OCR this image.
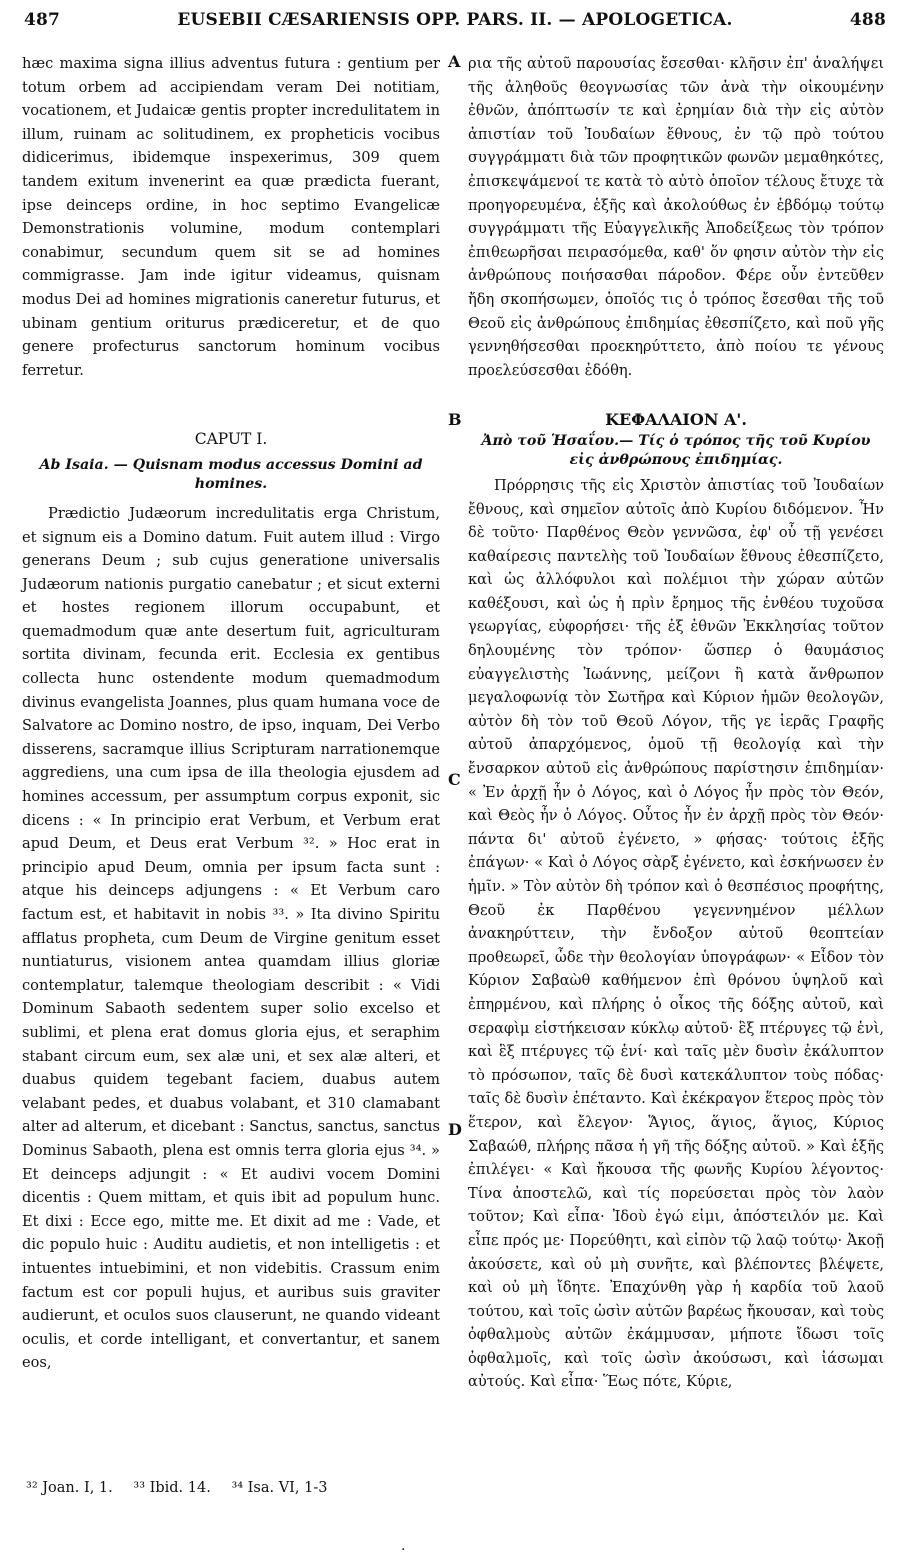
487	EUSEBII CÆSARIENSIS OPP. PARS. II. — APOLOGETICA.	488

hæc maxima signa illius adventus futura : gentium per totum orbem ad accipiendam veram Dei notitiam, vocationem, et Judaicæ gentis propter incredulitatem in illum, ruinam ac solitudinem, ex propheticis vocibus didicerimus, ibidemque inspexerimus, 309 quem tandem exitum invenerint ea quæ prædicta fuerant, ipse deinceps ordine, in hoc septimo Evangelicæ Demonstrationis volumine, modum contemplari conabimur, secundum quem sit se ad homines commigrasse. Jam inde igitur videamus, quisnam modus Dei ad homines migrationis caneretur futurus, et ubinam gentium oriturus prædiceretur, et de quo genere profecturus sanctorum hominum vocibus ferretur.

CAPUT I.

Ab Isaia. — Quisnam modus accessus Domini ad homines.

Prædictio Judæorum incredulitatis erga Christum, et signum eis a Domino datum. Fuit autem illud : Virgo generans Deum ; sub cujus generatione universalis Judæorum nationis purgatio canebatur ; et sicut externi et hostes regionem illorum occupabunt, et quemadmodum quæ ante desertum fuit, agriculturam sortita divinam, fecunda erit. Ecclesia ex gentibus collecta hunc ostendente modum quemadmodum divinus evangelista Joannes, plus quam humana voce de Salvatore ac Domino nostro, de ipso, inquam, Dei Verbo disserens, sacramque illius Scripturam narrationemque aggrediens, una cum ipsa de illa theologia ejusdem ad homines accessum, per assumptum corpus exponit, sic dicens : « In principio erat Verbum, et Verbum erat apud Deum, et Deus erat Verbum ³². » Hoc erat in principio apud Deum, omnia per ipsum facta sunt : atque his deinceps adjungens : « Et Verbum caro factum est, et habitavit in nobis ³³. » Ita divino Spiritu afflatus propheta, cum Deum de Virgine genitum esset nuntiaturus, visionem antea quamdam illius gloriæ contemplatur, talemque theologiam describit : « Vidi Dominum Sabaoth sedentem super solio excelso et sublimi, et plena erat domus gloria ejus, et seraphim stabant circum eum, sex alæ uni, et sex alæ alteri, et duabus quidem tegebant faciem, duabus autem velabant pedes, et duabus volabant, et 310 clamabant alter ad alterum, et dicebant : Sanctus, sanctus, sanctus Dominus Sabaoth, plena est omnis terra gloria ejus ³⁴. » Et deinceps adjungit : « Et audivi vocem Domini dicentis : Quem mittam, et quis ibit ad populum hunc. Et dixi : Ecce ego, mitte me. Et dixit ad me : Vade, et dic populo huic : Auditu audietis, et non intelligetis : et intuentes intuebimini, et non videbitis. Crassum enim factum est cor populi hujus, et auribus suis graviter audierunt, et oculos suos clauserunt, ne quando videant oculis, et corde intelligant, et convertantur, et sanem eos,

ρια τῆς αὐτοῦ παρουσίας ἔσεσθαι· κλῆσιν ἐπ' ἀναλήψει τῆς ἀληθοῦς θεογνωσίας τῶν ἀνὰ τὴν οἰκουμένην ἐθνῶν, ἀπόπτωσίν τε καὶ ἐρημίαν διὰ τὴν εἰς αὐτὸν ἀπιστίαν τοῦ Ἰουδαίων ἔθνους, ἐν τῷ πρὸ τούτου συγγράμματι διὰ τῶν προφητικῶν φωνῶν μεμαθηκότες, ἐπισκεψάμενοί τε κατὰ τὸ αὐτὸ ὁποῖον τέλους ἔτυχε τὰ προηγορευμένα, ἑξῆς καὶ ἀκολούθως ἐν ἑβδόμῳ τούτῳ συγγράμματι τῆς Εὐαγγελικῆς Ἀποδείξεως τὸν τρόπον ἐπιθεωρῆσαι πειρασόμεθα, καθ' ὅν φησιν αὐτὸν τὴν εἰς ἀνθρώπους ποιήσασθαι πάροδον. Φέρε οὖν ἐντεῦθεν ἤδη σκοπήσωμεν, ὁποῖός τις ὁ τρόπος ἔσεσθαι τῆς τοῦ Θεοῦ εἰς ἀνθρώπους ἐπιδημίας ἐθεσπίζετο, καὶ ποῦ γῆς γεννηθήσεσθαι προεκηρύττετο, ἀπὸ ποίου τε γένους προελεύσεσθαι ἐδόθη.

ΚΕΦΑΛΑΙΟΝ Α'.

Ἀπὸ τοῦ Ἡσαΐου.— Τίς ὁ τρόπος τῆς τοῦ Κυρίου εἰς ἀνθρώπους ἐπιδημίας.

Πρόρρησις τῆς εἰς Χριστὸν ἀπιστίας τοῦ Ἰουδαίων ἔθνους, καὶ σημεῖον αὐτοῖς ἀπὸ Κυρίου διδόμενον. Ἦν δὲ τοῦτο· Παρθένος Θεὸν γεννῶσα, ἐφ' οὗ τῇ γενέσει καθαίρεσις παντελὴς τοῦ Ἰουδαίων ἔθνους ἐθεσπίζετο, καὶ ὡς ἀλλόφυλοι καὶ πολέμιοι τὴν χώραν αὐτῶν καθέξουσι, καὶ ὡς ἡ πρὶν ἔρημος τῆς ἐνθέου τυχοῦσα γεωργίας, εὐφορήσει· τῆς ἐξ ἐθνῶν Ἐκκλησίας τοῦτον δηλουμένης τὸν τρόπον· ὥσπερ ὁ θαυμάσιος εὐαγγελιστὴς Ἰωάννης, μείζονι ἢ κατὰ ἄνθρωπον μεγαλοφωνίᾳ τὸν Σωτῆρα καὶ Κύριον ἡμῶν θεολογῶν, αὐτὸν δὴ τὸν τοῦ Θεοῦ Λόγον, τῆς γε ἱερᾶς Γραφῆς αὐτοῦ ἀπαρχόμενος, ὁμοῦ τῇ θεολογίᾳ καὶ τὴν ἔνσαρκον αὐτοῦ εἰς ἀνθρώπους παρίστησιν ἐπιδημίαν· « Ἐν ἀρχῇ ἦν ὁ Λόγος, καὶ ὁ Λόγος ἦν πρὸς τὸν Θεόν, καὶ Θεὸς ἦν ὁ Λόγος. Οὗτος ἦν ἐν ἀρχῇ πρὸς τὸν Θεόν· πάντα δι' αὐτοῦ ἐγένετο, » φήσας· τούτοις ἑξῆς ἐπάγων· « Καὶ ὁ Λόγος σὰρξ ἐγένετο, καὶ ἐσκήνωσεν ἐν ἡμῖν. » Τὸν αὐτὸν δὴ τρόπον καὶ ὁ θεσπέσιος προφήτης, Θεοῦ ἐκ Παρθένου γεγεννημένον μέλλων ἀνακηρύττειν, τὴν ἔνδοξον αὐτοῦ θεοπτείαν προθεωρεῖ, ὧδε τὴν θεολογίαν ὑπογράφων· « Εἶδον τὸν Κύριον Σαβαὼθ καθήμενον ἐπὶ θρόνου ὑψηλοῦ καὶ ἐπηρμένου, καὶ πλήρης ὁ οἶκος τῆς δόξης αὐτοῦ, καὶ σεραφὶμ εἱστήκεισαν κύκλῳ αὐτοῦ· ἓξ πτέρυγες τῷ ἑνὶ, καὶ ἓξ πτέρυγες τῷ ἑνί· καὶ ταῖς μὲν δυσὶν ἐκάλυπτον τὸ πρόσωπον, ταῖς δὲ δυσὶ κατεκάλυπτον τοὺς πόδας· ταῖς δὲ δυσὶν ἐπέταντο. Καὶ ἐκέκραγον ἕτερος πρὸς τὸν ἕτερον, καὶ ἔλεγον· Ἅγιος, ἅγιος, ἅγιος, Κύριος Σαβαώθ, πλήρης πᾶσα ἡ γῆ τῆς δόξης αὐτοῦ. » Καὶ ἑξῆς ἐπιλέγει· « Καὶ ἤκουσα τῆς φωνῆς Κυρίου λέγοντος· Τίνα ἀποστελῶ, καὶ τίς πορεύσεται πρὸς τὸν λαὸν τοῦτον; Καὶ εἶπα· Ἰδοὺ ἐγώ εἰμι, ἀπόστειλόν με. Καὶ εἶπε πρός με· Πορεύθητι, καὶ εἰπὸν τῷ λαῷ τούτῳ· Ἀκοῇ ἀκούσετε, καὶ οὐ μὴ συνῆτε, καὶ βλέποντες βλέψετε, καὶ οὐ μὴ ἴδητε. Ἐπαχύνθη γὰρ ἡ καρδία τοῦ λαοῦ τούτου, καὶ τοῖς ὠσὶν αὐτῶν βαρέως ἤκουσαν, καὶ τοὺς ὀφθαλμοὺς αὐτῶν ἐκάμμυσαν, μήποτε ἴδωσι τοῖς ὀφθαλμοῖς, καὶ τοῖς ὠσὶν ἀκούσωσι, καὶ ἰάσωμαι αὐτούς. Καὶ εἶπα· Ἕως πότε, Κύριε,

A
B
C
D
³² Joan. I, 1. ³³ Ibid. 14. ³⁴ Isa. VI, 1-3
.
